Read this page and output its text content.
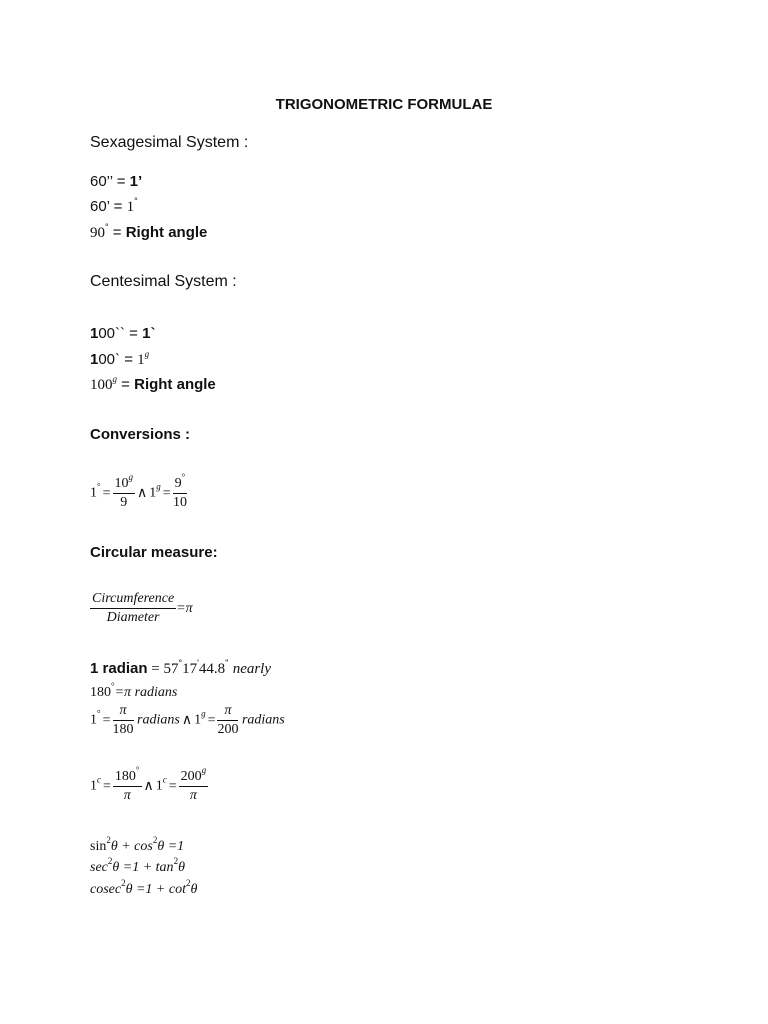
TRIGONOMETRIC FORMULAE
Sexagesimal System :
60’’ = 1’
60’ = 1°
90° = Right angle
Centesimal System :
100`` = 1`
100` = $1^g$
$100^g$ = Right angle
Conversions :
$1^\circ = \frac{10^g}{9}$ ∧ $1^g = \frac{9^\circ}{10}$
Circular measure:
$\frac{\text{Circumference}}{\text{Diameter}} =\pi$
1 radian = 57°17'44.8'' nearly
180°=π radians
$1^\circ = \frac{\pi}{180}$ radians ∧ $1^g = \frac{\pi}{200}$ radians
$1^c = \frac{180^\circ}{\pi}$ ∧ $1^c = \frac{200^g}{\pi}$
$\sin^2\theta + \cos^2\theta =1$
$\sec^2\theta =1 + \tan^2\theta$
$cosec^2\theta =1 + \cot^2\theta$
